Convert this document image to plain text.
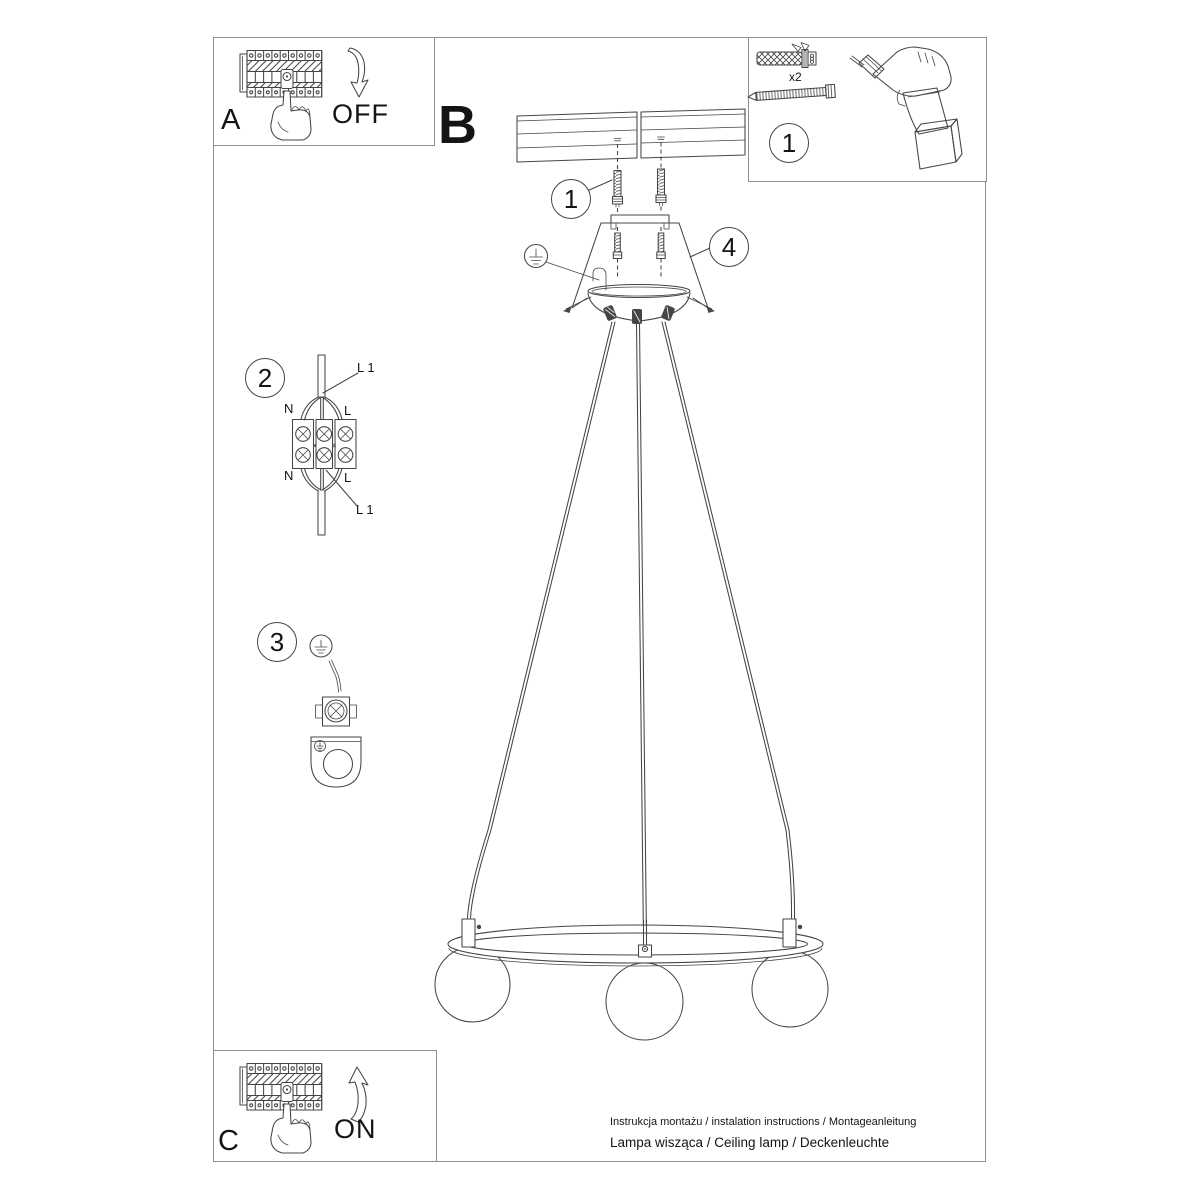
A	OFF B
C	ON
x2
1
4
2
3
1
L 1
N	L
N	L
L 1
Instrukcja montażu / instalation instructions / Montageanleitung
Lampa wisząca / Ceiling lamp / Deckenleuchte
